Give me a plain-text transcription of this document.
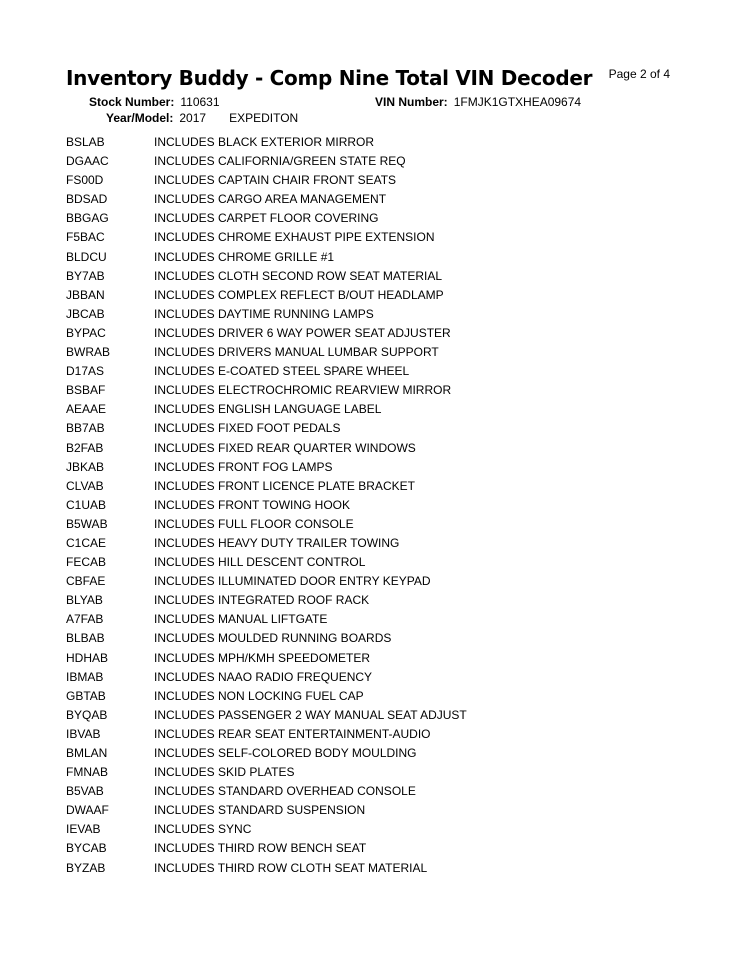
Page 2 of 4
Inventory Buddy - Comp Nine Total VIN Decoder
Stock Number: 110631	VIN Number: 1FMJK1GTXHEA09674
Year/Model: 2017 EXPEDITON
BSLAB	INCLUDES BLACK EXTERIOR MIRROR
DGAAC	INCLUDES CALIFORNIA/GREEN STATE REQ
FS00D	INCLUDES CAPTAIN CHAIR FRONT SEATS
BDSAD	INCLUDES CARGO AREA MANAGEMENT
BBGAG	INCLUDES CARPET FLOOR COVERING
F5BAC	INCLUDES CHROME EXHAUST PIPE EXTENSION
BLDCU	INCLUDES CHROME GRILLE #1
BY7AB	INCLUDES CLOTH SECOND ROW SEAT MATERIAL
JBBAN	INCLUDES COMPLEX REFLECT B/OUT HEADLAMP
JBCAB	INCLUDES DAYTIME RUNNING LAMPS
BYPAC	INCLUDES DRIVER 6 WAY POWER SEAT ADJUSTER
BWRAB	INCLUDES DRIVERS MANUAL LUMBAR SUPPORT
D17AS	INCLUDES E-COATED STEEL SPARE WHEEL
BSBAF	INCLUDES ELECTROCHROMIC REARVIEW MIRROR
AEAAE	INCLUDES ENGLISH LANGUAGE LABEL
BB7AB	INCLUDES FIXED FOOT PEDALS
B2FAB	INCLUDES FIXED REAR QUARTER WINDOWS
JBKAB	INCLUDES FRONT FOG LAMPS
CLVAB	INCLUDES FRONT LICENCE PLATE BRACKET
C1UAB	INCLUDES FRONT TOWING HOOK
B5WAB	INCLUDES FULL FLOOR CONSOLE
C1CAE	INCLUDES HEAVY DUTY TRAILER TOWING
FECAB	INCLUDES HILL DESCENT CONTROL
CBFAE	INCLUDES ILLUMINATED DOOR ENTRY KEYPAD
BLYAB	INCLUDES INTEGRATED ROOF RACK
A7FAB	INCLUDES MANUAL LIFTGATE
BLBAB	INCLUDES MOULDED RUNNING BOARDS
HDHAB	INCLUDES MPH/KMH SPEEDOMETER
IBMAB	INCLUDES NAAO RADIO FREQUENCY
GBTAB	INCLUDES NON LOCKING FUEL CAP
BYQAB	INCLUDES PASSENGER 2 WAY MANUAL SEAT ADJUST
IBVAB	INCLUDES REAR SEAT ENTERTAINMENT-AUDIO
BMLAN	INCLUDES SELF-COLORED BODY MOULDING
FMNAB	INCLUDES SKID PLATES
B5VAB	INCLUDES STANDARD OVERHEAD CONSOLE
DWAAF	INCLUDES STANDARD SUSPENSION
IEVAB	INCLUDES SYNC
BYCAB	INCLUDES THIRD ROW BENCH SEAT
BYZAB	INCLUDES THIRD ROW CLOTH SEAT MATERIAL
